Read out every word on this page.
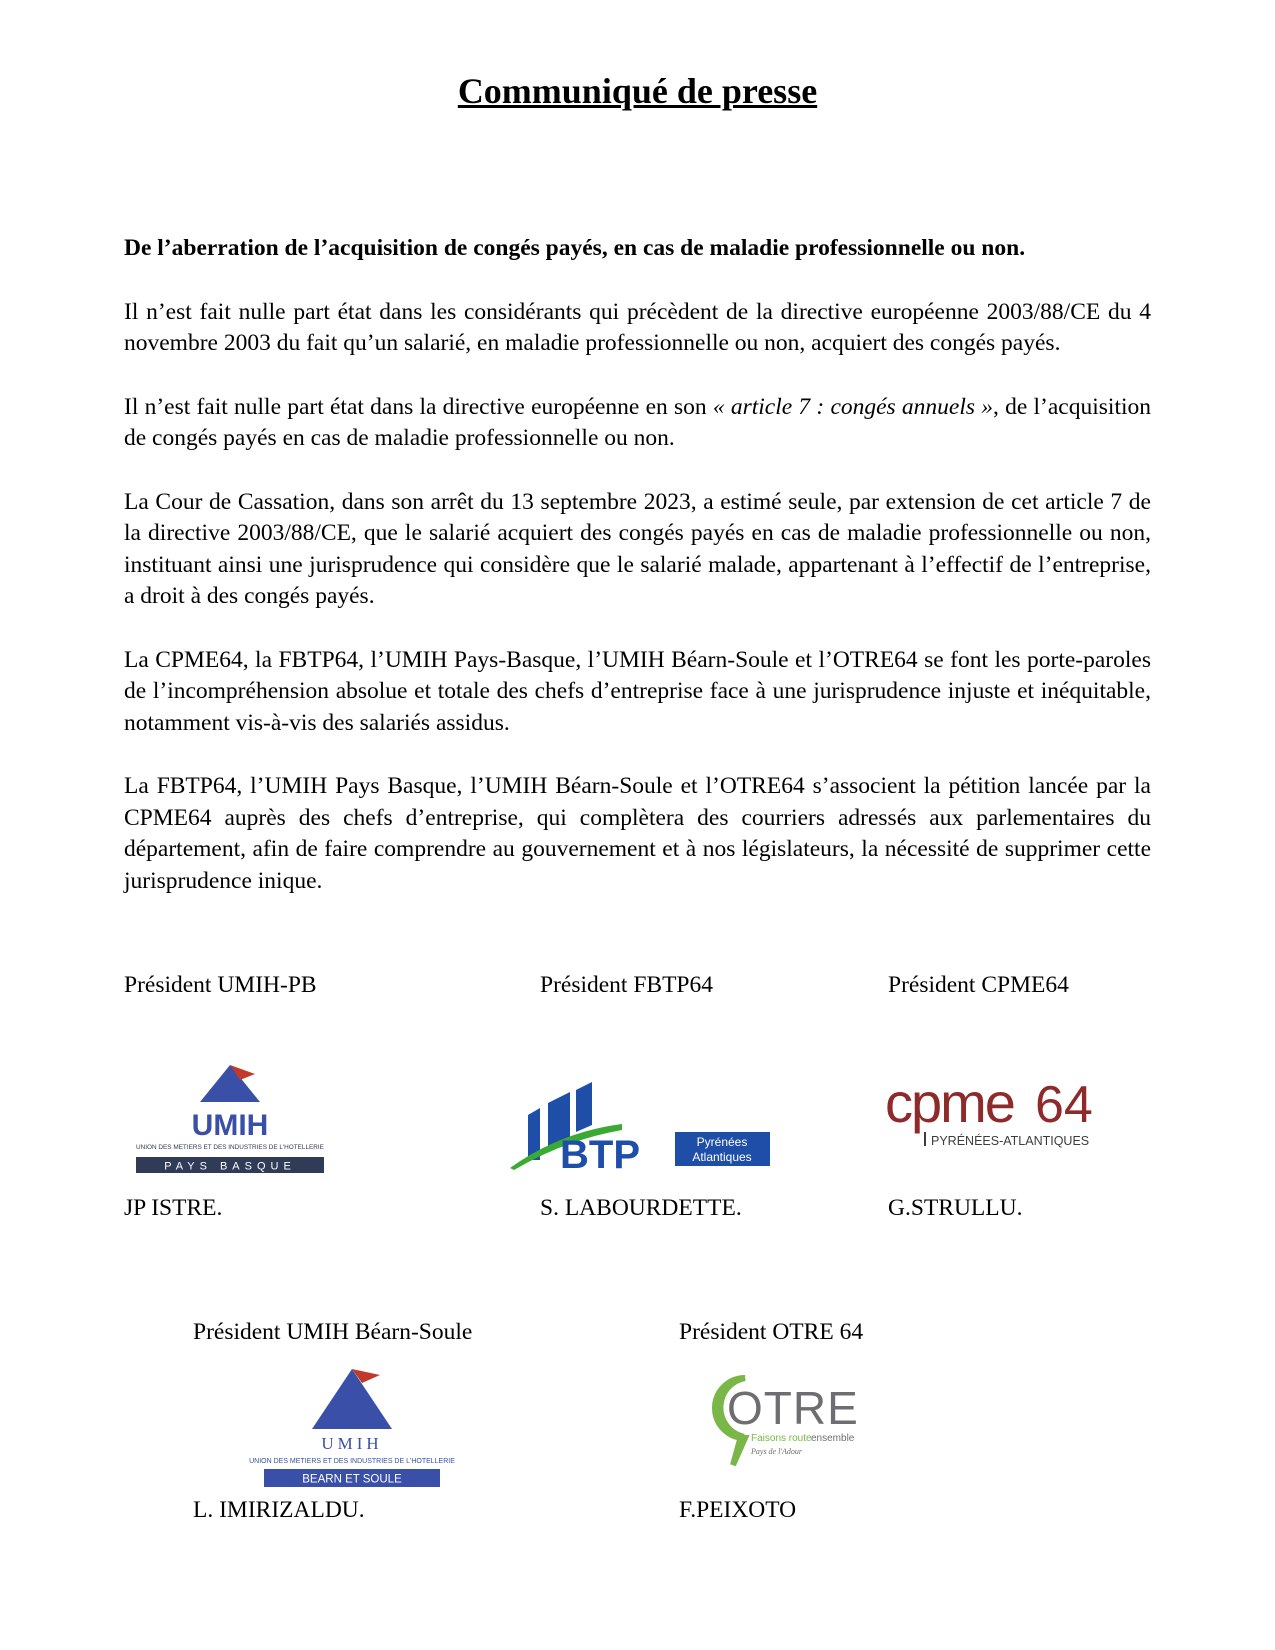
Communiqué de presse

De l’aberration de l’acquisition de congés payés, en cas de maladie professionnelle ou non.

Il n’est fait nulle part état dans les considérants qui précèdent de la directive européenne 2003/88/CE du 4 novembre 2003 du fait qu’un salarié, en maladie professionnelle ou non, acquiert des congés payés.

Il n’est fait nulle part état dans la directive européenne en son « article 7 : congés annuels », de l’acquisition de congés payés en cas de maladie professionnelle ou non.

La Cour de Cassation, dans son arrêt du 13 septembre 2023, a estimé seule, par extension de cet article 7 de la directive 2003/88/CE, que le salarié acquiert des congés payés en cas de maladie professionnelle ou non, instituant ainsi une jurisprudence qui considère que le salarié malade, appartenant à l’effectif de l’entreprise, a droit à des congés payés.

La CPME64, la FBTP64, l’UMIH Pays-Basque, l’UMIH Béarn-Soule et l’OTRE64 se font les porte-paroles de l’incompréhension absolue et totale des chefs d’entreprise face à une jurisprudence injuste et inéquitable, notamment vis-à-vis des salariés assidus.

La FBTP64, l’UMIH Pays Basque, l’UMIH Béarn-Soule et l’OTRE64 s’associent la pétition lancée par la CPME64 auprès des chefs d’entreprise, qui complètera des courriers adressés aux parlementaires du département, afin de faire comprendre au gouvernement et à nos législateurs, la nécessité de supprimer cette jurisprudence inique.

Président UMIH-PB	Président FBTP64	Président CPME64
UMIH
UNION DES METIERS ET DES INDUSTRIES DE L'HOTELLERIE
PAYS BASQUE	BTP	Pyrénées
Atlantiques
cpme 64
PYRÉNÉES-ATLANTIQUES
JP ISTRE.	S. LABOURDETTE.	G.STRULLU.
Président UMIH Béarn-Soule	Président OTRE 64
UMIH
UNION DES METIERS ET DES INDUSTRIES DE L'HOTELLERIE
BEARN ET SOULE
OTRE
Faisons route ensemble
Pays de l'Adour
L. IMIRIZALDU.	F.PEIXOTO
